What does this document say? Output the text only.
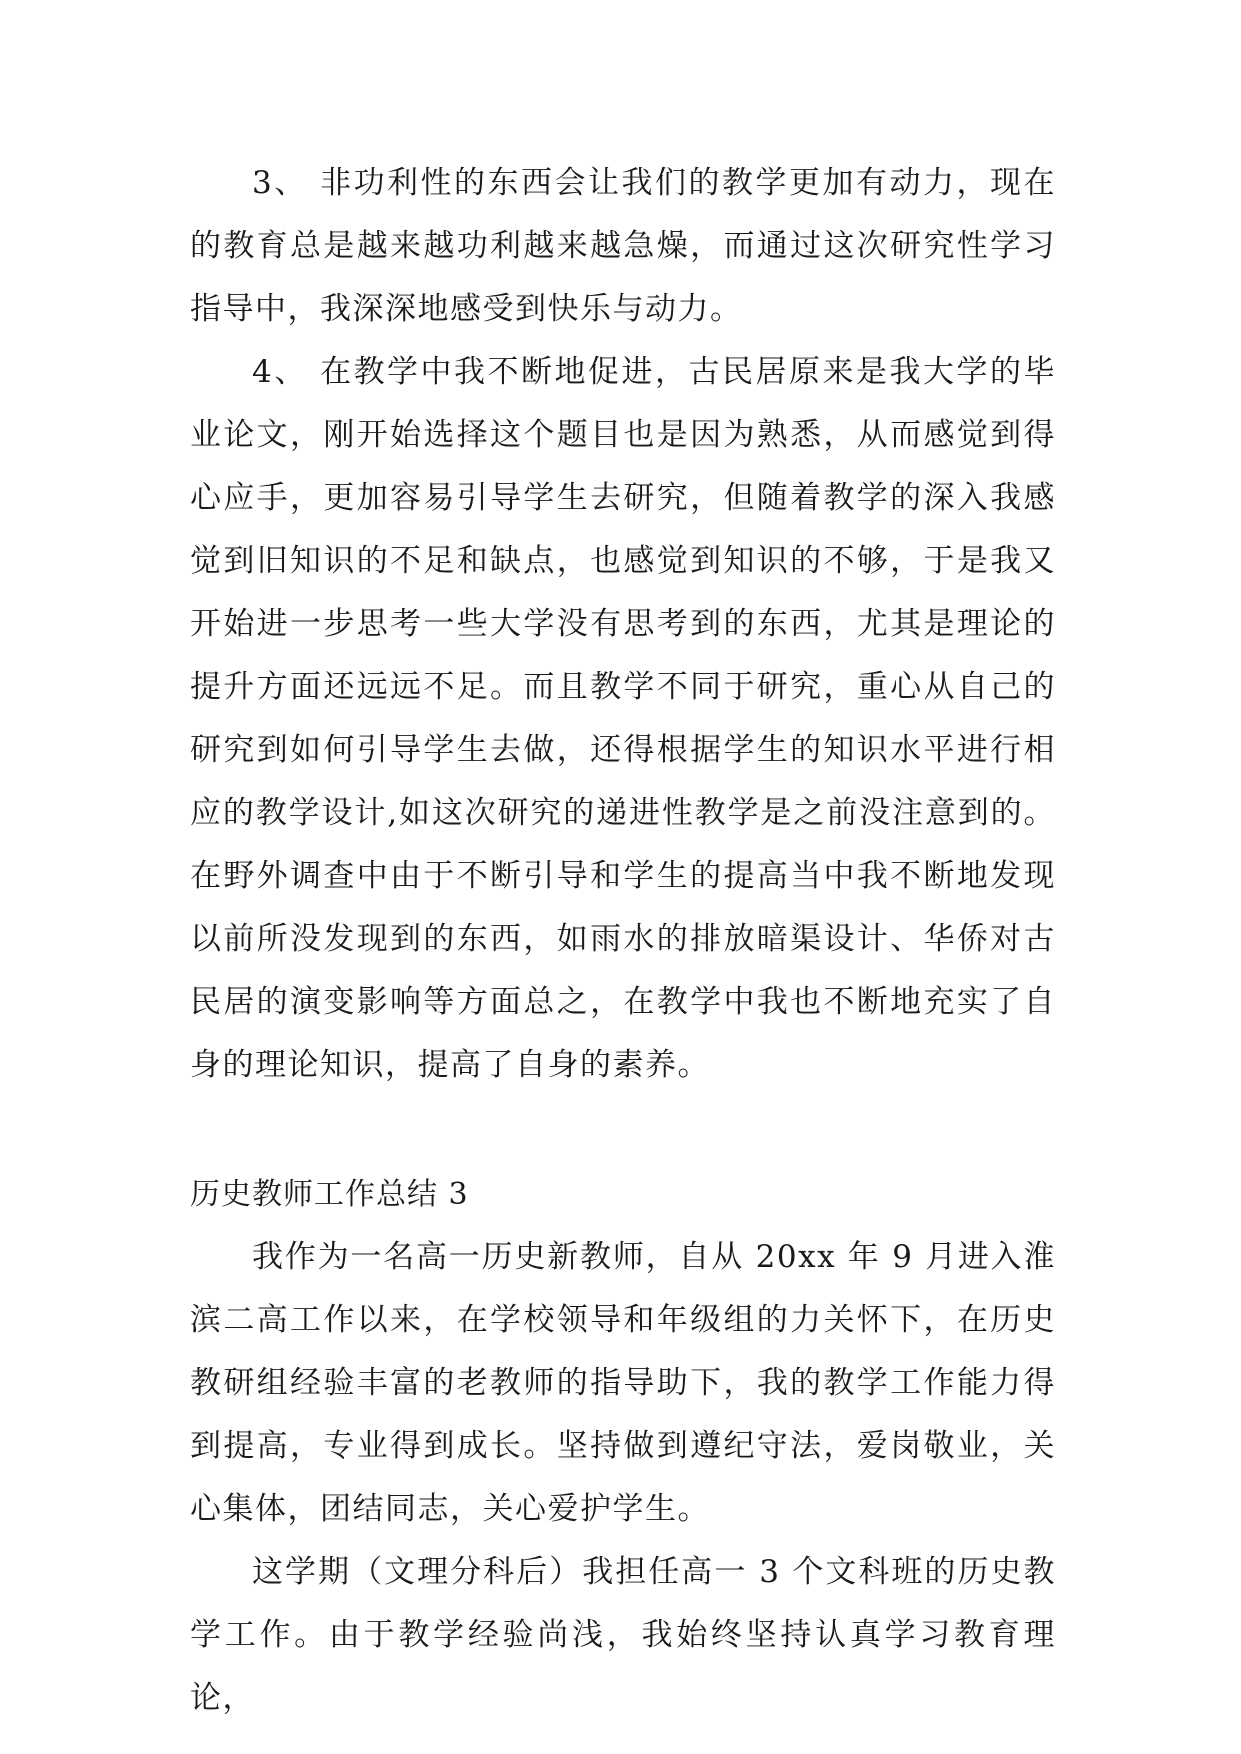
3、 非功利性的东西会让我们的教学更加有动力，现在的教育总是越来越功利越来越急燥，而通过这次研究性学习指导中，我深深地感受到快乐与动力。

4、 在教学中我不断地促进，古民居原来是我大学的毕业论文，刚开始选择这个题目也是因为熟悉，从而感觉到得心应手，更加容易引导学生去研究，但随着教学的深入我感觉到旧知识的不足和缺点，也感觉到知识的不够，于是我又开始进一步思考一些大学没有思考到的东西，尤其是理论的提升方面还远远不足。而且教学不同于研究，重心从自己的研究到如何引导学生去做，还得根据学生的知识水平进行相应的教学设计,如这次研究的递进性教学是之前没注意到的。在野外调查中由于不断引导和学生的提高当中我不断地发现以前所没发现到的东西，如雨水的排放暗渠设计、华侨对古民居的演变影响等方面总之，在教学中我也不断地充实了自身的理论知识，提高了自身的素养。

历史教师工作总结 3

我作为一名高一历史新教师，自从 20xx 年 9 月进入淮滨二高工作以来，在学校领导和年级组的力关怀下，在历史教研组经验丰富的老教师的指导助下，我的教学工作能力得到提高，专业得到成长。坚持做到遵纪守法，爱岗敬业，关心集体，团结同志，关心爱护学生。

这学期（文理分科后）我担任高一 3 个文科班的历史教学工作。由于教学经验尚浅，我始终坚持认真学习教育理论，
